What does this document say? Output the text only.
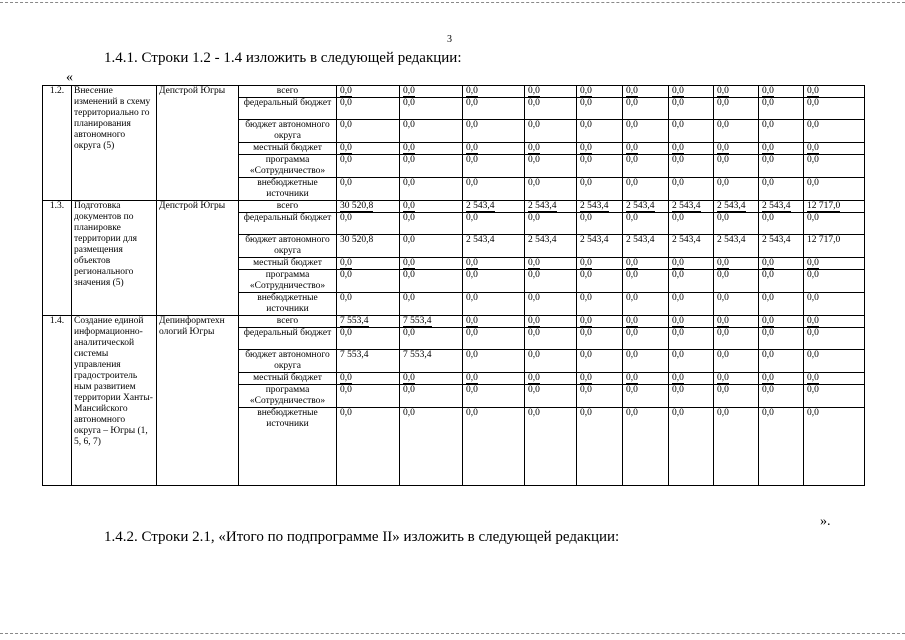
3
1.4.1. Строки 1.2 - 1.4 изложить в следующей редакции:
«
1.2.	Внесение изменений в схему территориально го планирования автономного округа (5)	Депстрой Югры	всего	0,0	0,0	0,0	0,0	0,0	0,0	0,0	0,0	0,0	0,0
			федеральный бюджет	0,0	0,0	0,0	0,0	0,0	0,0	0,0	0,0	0,0	0,0
			бюджет автономного округа	0,0	0,0	0,0	0,0	0,0	0,0	0,0	0,0	0,0	0,0
			местный бюджет	0,0	0,0	0,0	0,0	0,0	0,0	0,0	0,0	0,0	0,0
			программа «Сотрудничество»	0,0	0,0	0,0	0,0	0,0	0,0	0,0	0,0	0,0	0,0
			внебюджетные источники	0,0	0,0	0,0	0,0	0,0	0,0	0,0	0,0	0,0	0,0
1.3.	Подготовка документов по планировке территории для размещения объектов регионального значения (5)	Депстрой Югры	всего	30 520,8	0,0	2 543,4	2 543,4	2 543,4	2 543,4	2 543,4	2 543,4	2 543,4	12 717,0
			федеральный бюджет	0,0	0,0	0,0	0,0	0,0	0,0	0,0	0,0	0,0	0,0
			бюджет автономного округа	30 520,8	0,0	2 543,4	2 543,4	2 543,4	2 543,4	2 543,4	2 543,4	2 543,4	12 717,0
			местный бюджет	0,0	0,0	0,0	0,0	0,0	0,0	0,0	0,0	0,0	0,0
			программа «Сотрудничество»	0,0	0,0	0,0	0,0	0,0	0,0	0,0	0,0	0,0	0,0
			внебюджетные источники	0,0	0,0	0,0	0,0	0,0	0,0	0,0	0,0	0,0	0,0
1.4.	Создание единой информационно-аналитической системы управления градостроитель ным развитием территории Ханты-Мансийского автономного округа – Югры (1, 5, 6, 7)	Депинформтехн ологий Югры	всего	7 553,4	7 553,4	0,0	0,0	0,0	0,0	0,0	0,0	0,0	0,0
			федеральный бюджет	0,0	0,0	0,0	0,0	0,0	0,0	0,0	0,0	0,0	0,0
			бюджет автономного округа	7 553,4	7 553,4	0,0	0,0	0,0	0,0	0,0	0,0	0,0	0,0
			местный бюджет	0,0	0,0	0,0	0,0	0,0	0,0	0,0	0,0	0,0	0,0
			программа «Сотрудничество»	0,0	0,0	0,0	0,0	0,0	0,0	0,0	0,0	0,0	0,0
			внебюджетные источники	0,0	0,0	0,0	0,0	0,0	0,0	0,0	0,0	0,0	0,0
».
1.4.2. Строки 2.1, «Итого по подпрограмме II» изложить в следующей редакции:
